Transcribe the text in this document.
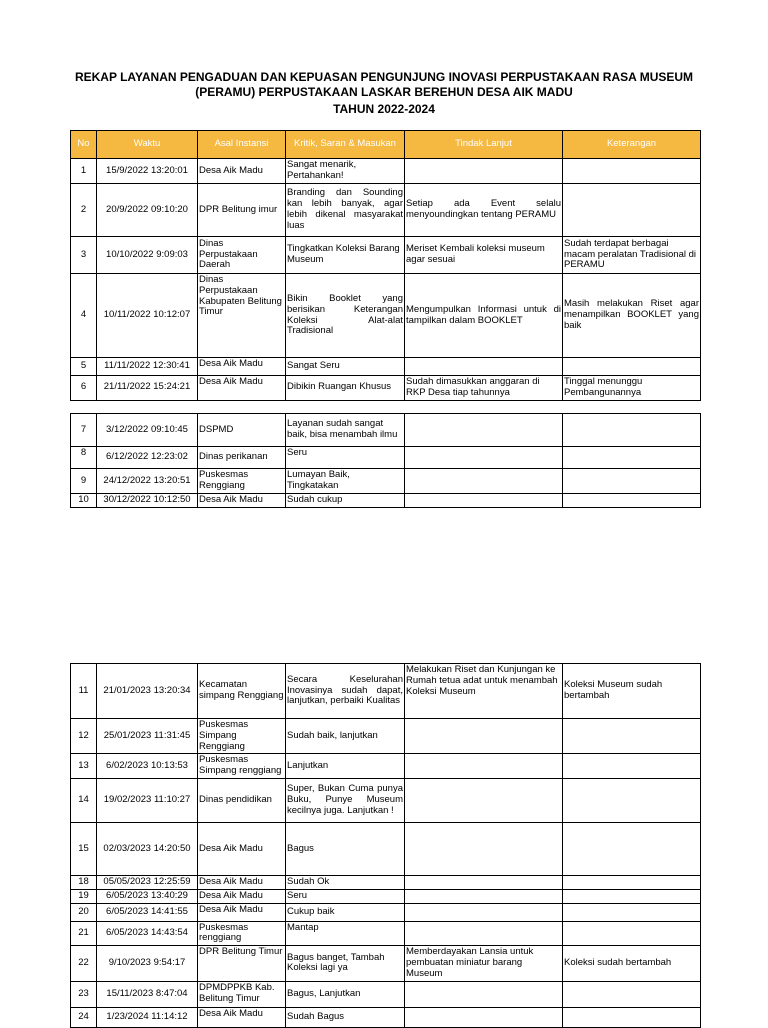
REKAP LAYANAN PENGADUAN DAN KEPUASAN PENGUNJUNG INOVASI PERPUSTAKAAN RASA MUSEUM
(PERAMU) PERPUSTAKAAN LASKAR BEREHUN DESA AIK MADU
TAHUN 2022-2024
No	Waktu	Asal Instansi	Kritik, Saran & Masukan	Tindak Lanjut	Keterangan
1	15/9/2022 13:20:01	Desa Aik Madu	Sangat menarik, Pertahankan!		
2	20/9/2022 09:10:20	DPR Belitung imur	Branding dan Sounding kan lebih banyak, agar lebih dikenal masyarakat luas	Setiap ada Event selalu menyoundingkan tentang PERAMU	
3	10/10/2022 9:09:03	Dinas Perpustakaan Daerah	Tingkatkan Koleksi Barang Museum	Meriset Kembali koleksi museum agar sesuai	Sudah terdapat berbagai macam peralatan Tradisional di PERAMU
4	10/11/2022 10:12:07	Dinas Perpustakaan Kabupaten Belitung Timur	Bikin Booklet yang berisikan Keterangan Koleksi Alat-alat Tradisional	Mengumpulkan Informasi untuk di tampilkan dalam BOOKLET	Masih melakukan Riset agar menampilkan BOOKLET yang baik
5	11/11/2022 12:30:41	Desa Aik Madu	Sangat Seru		
6	21/11/2022 15:24:21	Desa Aik Madu	Dibikin Ruangan Khusus	Sudah dimasukkan anggaran di RKP Desa tiap tahunnya	Tinggal menunggu Pembangunannya
7	3/12/2022 09:10:45	DSPMD	Layanan sudah sangat baik, bisa menambah ilmu		
8	6/12/2022 12:23:02	Dinas perikanan	Seru		
9	24/12/2022 13:20:51	Puskesmas Renggiang	Lumayan Baik, Tingkatakan		
10	30/12/2022 10:12:50	Desa Aik Madu	Sudah cukup		
11	21/01/2023 13:20:34	Kecamatan simpang Renggiang	Secara Keselurahan Inovasinya sudah dapat, lanjutkan, perbaiki Kualitas	Melakukan Riset dan Kunjungan ke Rumah tetua adat untuk menambah Koleksi Museum	Koleksi Museum sudah bertambah
12	25/01/2023 11:31:45	Puskesmas Simpang Renggiang	Sudah baik, lanjutkan		
13	6/02/2023 10:13:53	Puskesmas Simpang renggiang	Lanjutkan		
14	19/02/2023 11:10:27	Dinas pendidikan	Super, Bukan Cuma punya Buku, Punye Museum kecilnya juga. Lanjutkan !		
15	02/03/2023 14:20:50	Desa Aik Madu	Bagus		
18	05/05/2023 12:25:59	Desa Aik Madu	Sudah Ok		
19	6/05/2023 13:40:29	Desa Aik Madu	Seru		
20	6/05/2023 14:41:55	Desa Aik Madu	Cukup baik		
21	6/05/2023 14:43:54	Puskesmas renggiang	Mantap		
22	9/10/2023 9:54:17	DPR Belitung Timur	Bagus banget, Tambah Koleksi lagi ya	Memberdayakan Lansia untuk pembuatan miniatur barang Museum	Koleksi sudah bertambah
23	15/11/2023 8:47:04	DPMDPPKB Kab. Belitung Timur	Bagus, Lanjutkan		
24	1/23/2024 11:14:12	Desa Aik Madu	Sudah Bagus		
